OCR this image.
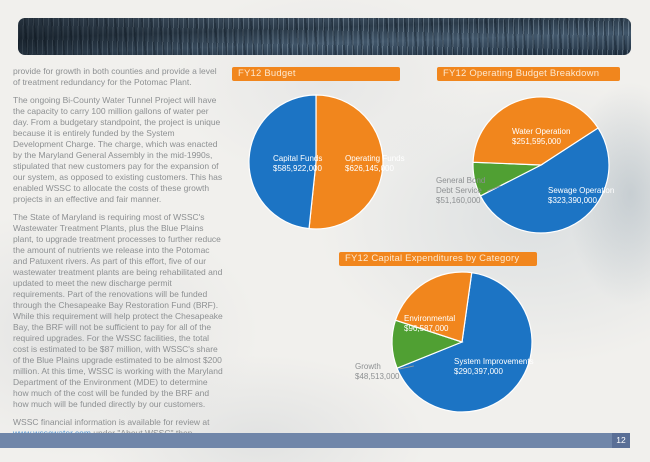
provide for growth in both counties and provide a level of treatment redundancy for the Potomac Plant.

The ongoing Bi-County Water Tunnel Project will have the capacity to carry 100 million gallons of water per day. From a budgetary standpoint, the project is unique because it is entirely funded by the System Development Charge. The charge, which was enacted by the Maryland General Assembly in the mid-1990s, stipulated that new customers pay for the expansion of our system, as opposed to existing customers. This has enabled WSSC to allocate the costs of these growth projects in an effective and fair manner.

The State of Maryland is requiring most of WSSC's Wastewater Treatment Plants, plus the Blue Plains plant, to upgrade treatment processes to further reduce the amount of nutrients we release into the Potomac and Patuxent rivers. As part of this effort, five of our wastewater treatment plants are being rehabilitated and updated to meet the new discharge permit requirements. Part of the renovations will be funded through the Chesapeake Bay Restoration Fund (BRF). While this requirement will help protect the Chesapeake Bay, the BRF will not be sufficient to pay for all of the required upgrades. For the WSSC facilities, the total cost is estimated to be $87 million, with WSSC's share of the Blue Plains upgrade estimated to be almost $200 million. At this time, WSSC is working with the Maryland Department of the Environment (MDE) to determine how much of the cost will be funded by the BRF and how much will be funded directly by our customers.

WSSC financial information is available for review at

FY12 Budget
Capital Funds
$585,922,000
Operating Funds
$626,145,000
FY12 Operating Budget Breakdown
Water Operation
$251,595,000
Sewage Operation
$323,390,000
General Bond Debt Service
$51,160,000
FY12 Capital Expenditures by Category
Environmental
$96,587,000
System Improvements
$290,397,000
Growth
$48,513,000
12
